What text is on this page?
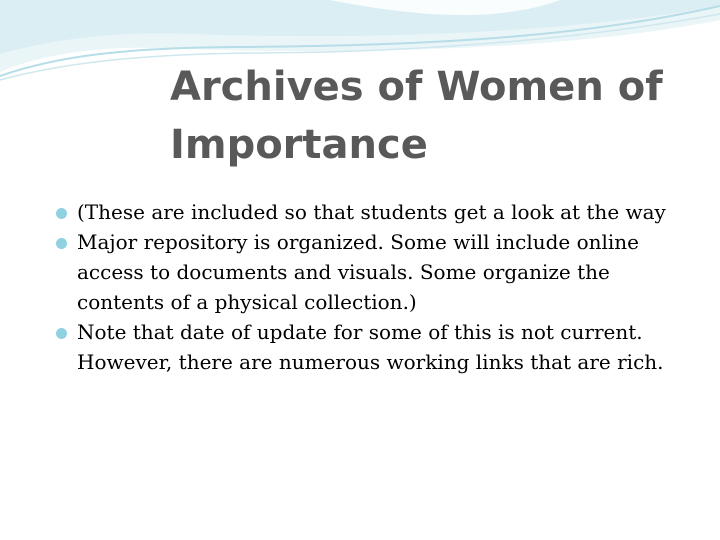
Archives of Women of Importance
(These are included so that students get a look at the way
Major repository is organized. Some will include online access to documents and visuals. Some organize the contents of a physical collection.)
Note that date of update for some of this is not current. However, there are numerous working links that are rich.
